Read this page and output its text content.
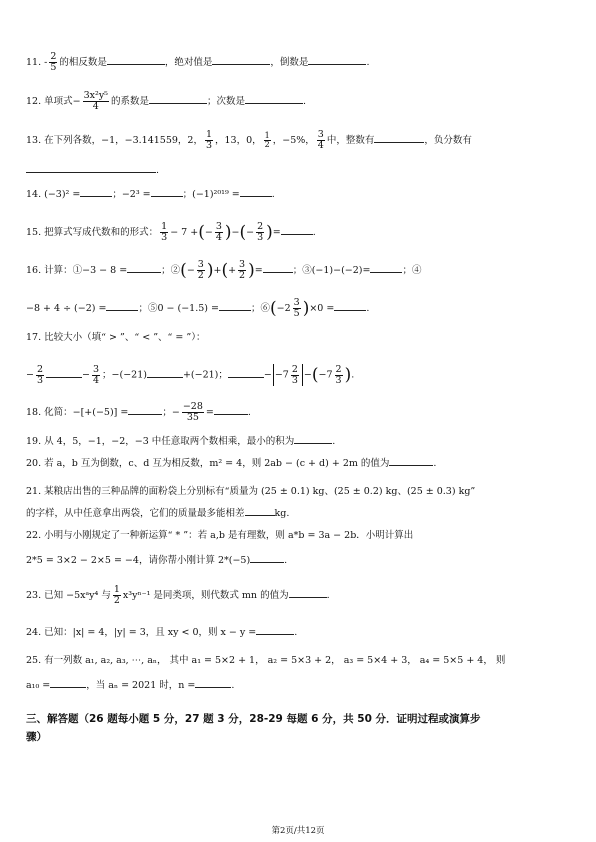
11. - $\frac{2}{5}$ 的相反数是	，绝对值是	，倒数是	.
12. 单项式− $\frac{\text{3x²y⁵}}{4}$ 的系数是	；次数是	.
13. 在下列各数，−1，−3.141559，2， $\frac{1}{3}$ ，13，0， $\frac{1}{2}$ ，−5%， $\frac{3}{4}$ 中，整数有	，负分数有
.
14. (−3)² =	；−2³ =	；(−1)²⁰¹⁹ =	.
15. 把算式写成代数和的形式： $\frac{1}{3} - 7$ +(− $\frac{3}{4}$ )−(− $\frac{2}{3}$ )=	.
16. 计算：①−3 − 8 =	；②(− $\frac{3}{2}$ )+(+ $\frac{3}{2}$ )=	；③(−1)−(−2)=	；④
−8 + 4 ÷ (−2) =	；⑤0 − (−1.5) =	；⑥(−2 $\frac{3}{5} )\times 0$ =	.
17. 比较大小（填“ > ”、“ < ”、“ = ”）：
− $\frac{2}{3}$	− $\frac{3}{4}$ ；−(−21)	+(−21)；	− $-7 \frac{2}{3} -(-7 \frac{2}{3}$ ).
18. 化简：−[+(−5)] =	；− $\frac{-28}{35}$ =	.
19. 从 4，5，−1，−2，−3 中任意取两个数相乘，最小的积为	.
20. 若 a，b 互为倒数，c、d 互为相反数，m² = 4，则 2ab − (c + d) + 2m 的值为	.
21. 某粮店出售的三种品牌的面粉袋上分别标有“质量为 (25 ± 0.1) kg、(25 ± 0.2) kg、(25 ± 0.3) kg”
的字样，从中任意拿出两袋，它们的质量最多能相差	kg.
22. 小明与小刚规定了一种新运算“ * ”：若 a,b 是有理数，则 a*b = 3a − 2b．小明计算出
2*5 = 3×2 − 2×5 = −4，请你帮小刚计算 2*(−5)	.
23. 已知 −5xᵃy⁴ 与 $\frac{1}{2} x^3y^{n-1}$ 是同类项，则代数式 mn 的值为	.
24. 已知：|x| = 4，|y| = 3，且 xy < 0，则 x − y =	.
25. 有一列数 a₁, a₂, a₃, ⋯, aₙ， 其中 a₁ = 5×2 + 1， a₂ = 5×3 + 2， a₃ = 5×4 + 3， a₄ = 5×5 + 4， 则
a₁₀ =	，当 aₙ = 2021 时，n =	.
三、解答题（26 题每小题 5 分，27 题 3 分，28-29 每题 6 分，共 50 分．证明过程或演算步
骤）
第2页/共12页
